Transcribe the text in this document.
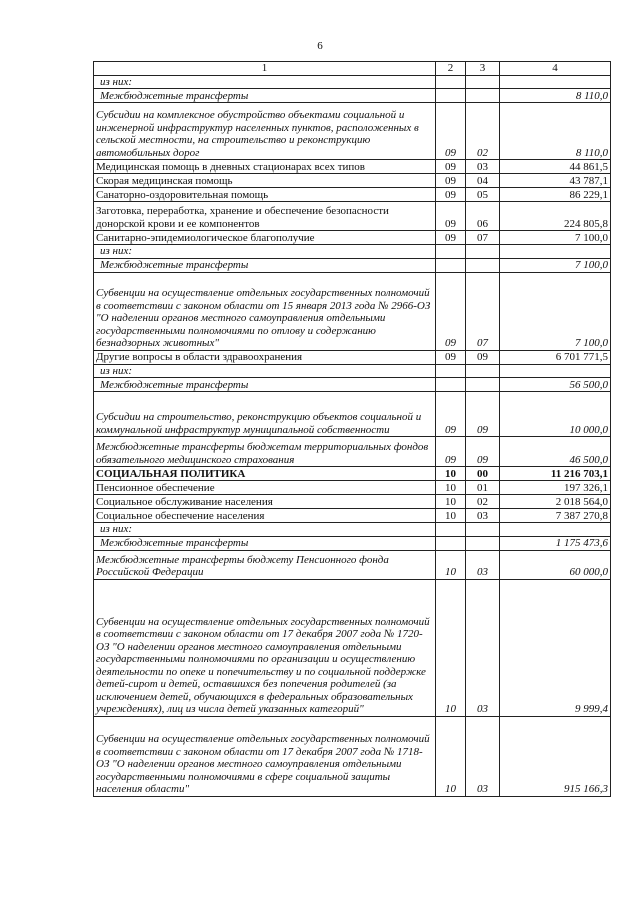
6
1	2	3	4
из них:			
Межбюджетные трансферты			8 110,0
Субсидии на комплексное обустройство объектами социальной и инженерной инфраструктур населенных пунктов, расположенных в сельской местности, на строительство и реконструкцию автомобильных дорог	09	02	8 110,0
Медицинская помощь в дневных стационарах всех типов	09	03	44 861,5
Скорая медицинская помощь	09	04	43 787,1
Санаторно-оздоровительная помощь	09	05	86 229,1
Заготовка, переработка, хранение и обеспечение безопасности донорской крови и ее компонентов	09	06	224 805,8
Санитарно-эпидемиологическое благополучие	09	07	7 100,0
из них:			
Межбюджетные трансферты			7 100,0
Субвенции на осуществление отдельных государственных полномочий в соответствии с законом области от 15 января 2013 года № 2966-ОЗ "О наделении органов местного самоуправления отдельными государственными полномочиями по отлову и содержанию безнадзорных животных"	09	07	7 100,0
Другие вопросы в области здравоохранения	09	09	6 701 771,5
из них:			
Межбюджетные трансферты			56 500,0
Субсидии на строительство, реконструкцию объектов социальной и коммунальной инфраструктур муниципальной собственности	09	09	10 000,0
Межбюджетные трансферты бюджетам территориальных фондов обязательного медицинского страхования	09	09	46 500,0
СОЦИАЛЬНАЯ ПОЛИТИКА	10	00	11 216 703,1
Пенсионное обеспечение	10	01	197 326,1
Социальное обслуживание населения	10	02	2 018 564,0
Социальное обеспечение населения	10	03	7 387 270,8
из них:			
Межбюджетные трансферты			1 175 473,6
Межбюджетные трансферты бюджету Пенсионного фонда Российской Федерации	10	03	60 000,0
Субвенции на осуществление отдельных государственных полномочий в соответствии с законом области от 17 декабря 2007 года № 1720-ОЗ "О наделении органов местного самоуправления отдельными государственными полномочиями по организации и осуществлению деятельности по опеке и попечительству и по социальной поддержке детей-сирот и детей, оставшихся без попечения родителей (за исключением детей, обучающихся в федеральных образовательных учреждениях), лиц из числа детей указанных категорий"	10	03	9 999,4
Субвенции на осуществление отдельных государственных полномочий в соответствии с законом области от 17 декабря 2007 года № 1718-ОЗ "О наделении органов местного самоуправления отдельными государственными полномочиями в сфере социальной защиты населения области"	10	03	915 166,3
